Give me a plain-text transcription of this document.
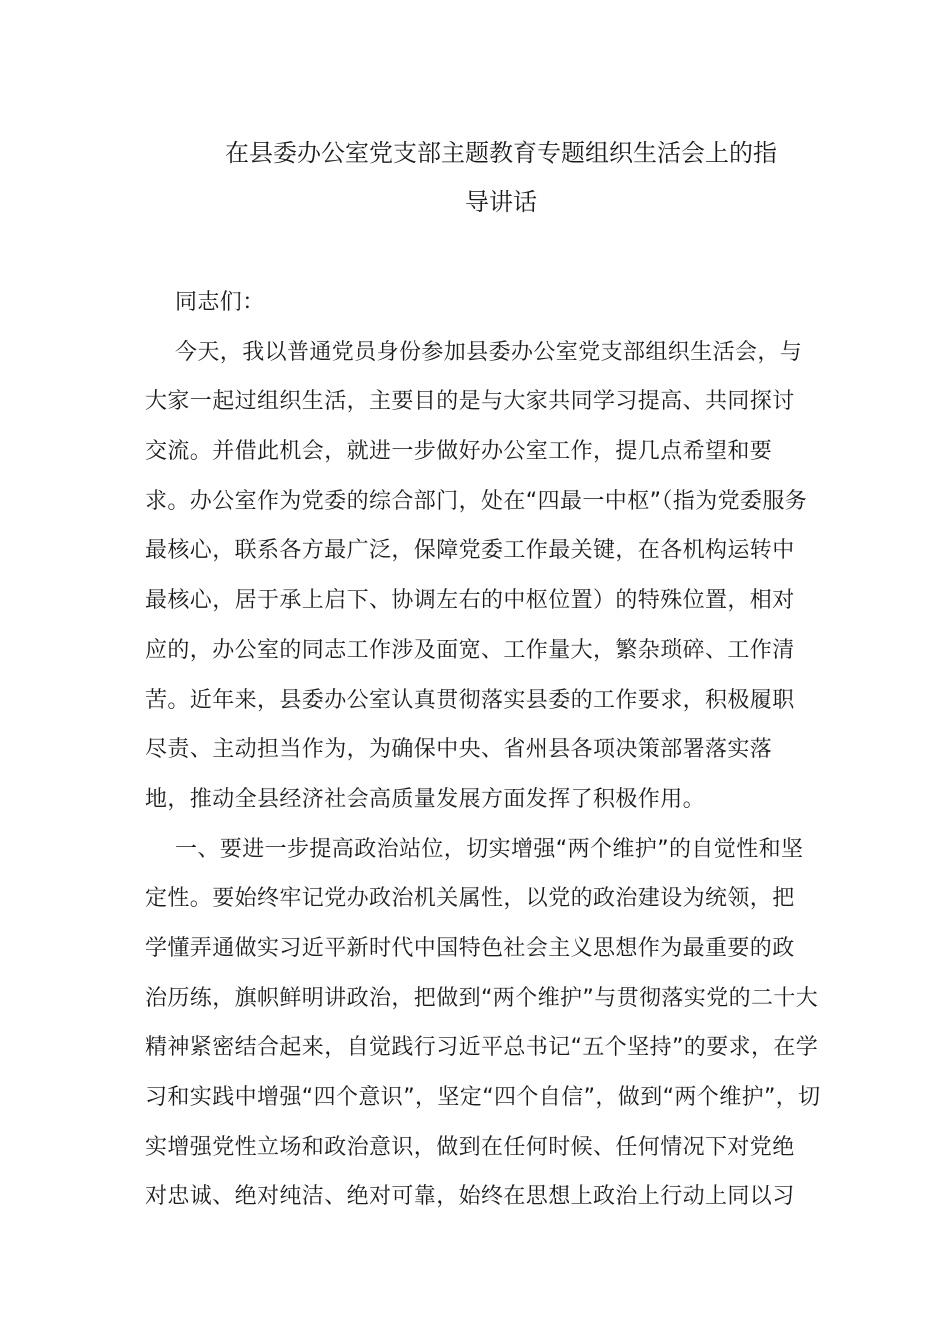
在县委办公室党支部主题教育专题组织生活会上的指
导讲话
同志们：
今天，我以普通党员身份参加县委办公室党支部组织生活会，与
大家一起过组织生活，主要目的是与大家共同学习提高、共同探讨
交流。并借此机会，就进一步做好办公室工作，提几点希望和要
求。办公室作为党委的综合部门，处在“四最一中枢”（指为党委服务
最核心，联系各方最广泛，保障党委工作最关键，在各机构运转中
最核心，居于承上启下、协调左右的中枢位置）的特殊位置，相对
应的，办公室的同志工作涉及面宽、工作量大，繁杂琐碎、工作清
苦。近年来，县委办公室认真贯彻落实县委的工作要求，积极履职
尽责、主动担当作为，为确保中央、省州县各项决策部署落实落
地，推动全县经济社会高质量发展方面发挥了积极作用。
一、要进一步提高政治站位，切实增强“两个维护”的自觉性和坚
定性。要始终牢记党办政治机关属性，以党的政治建设为统领，把
学懂弄通做实习近平新时代中国特色社会主义思想作为最重要的政
治历练，旗帜鲜明讲政治，把做到“两个维护”与贯彻落实党的二十大
精神紧密结合起来，自觉践行习近平总书记“五个坚持”的要求，在学
习和实践中增强“四个意识”，坚定“四个自信”，做到“两个维护”，切
实增强党性立场和政治意识，做到在任何时候、任何情况下对党绝
对忠诚、绝对纯洁、绝对可靠，始终在思想上政治上行动上同以习
